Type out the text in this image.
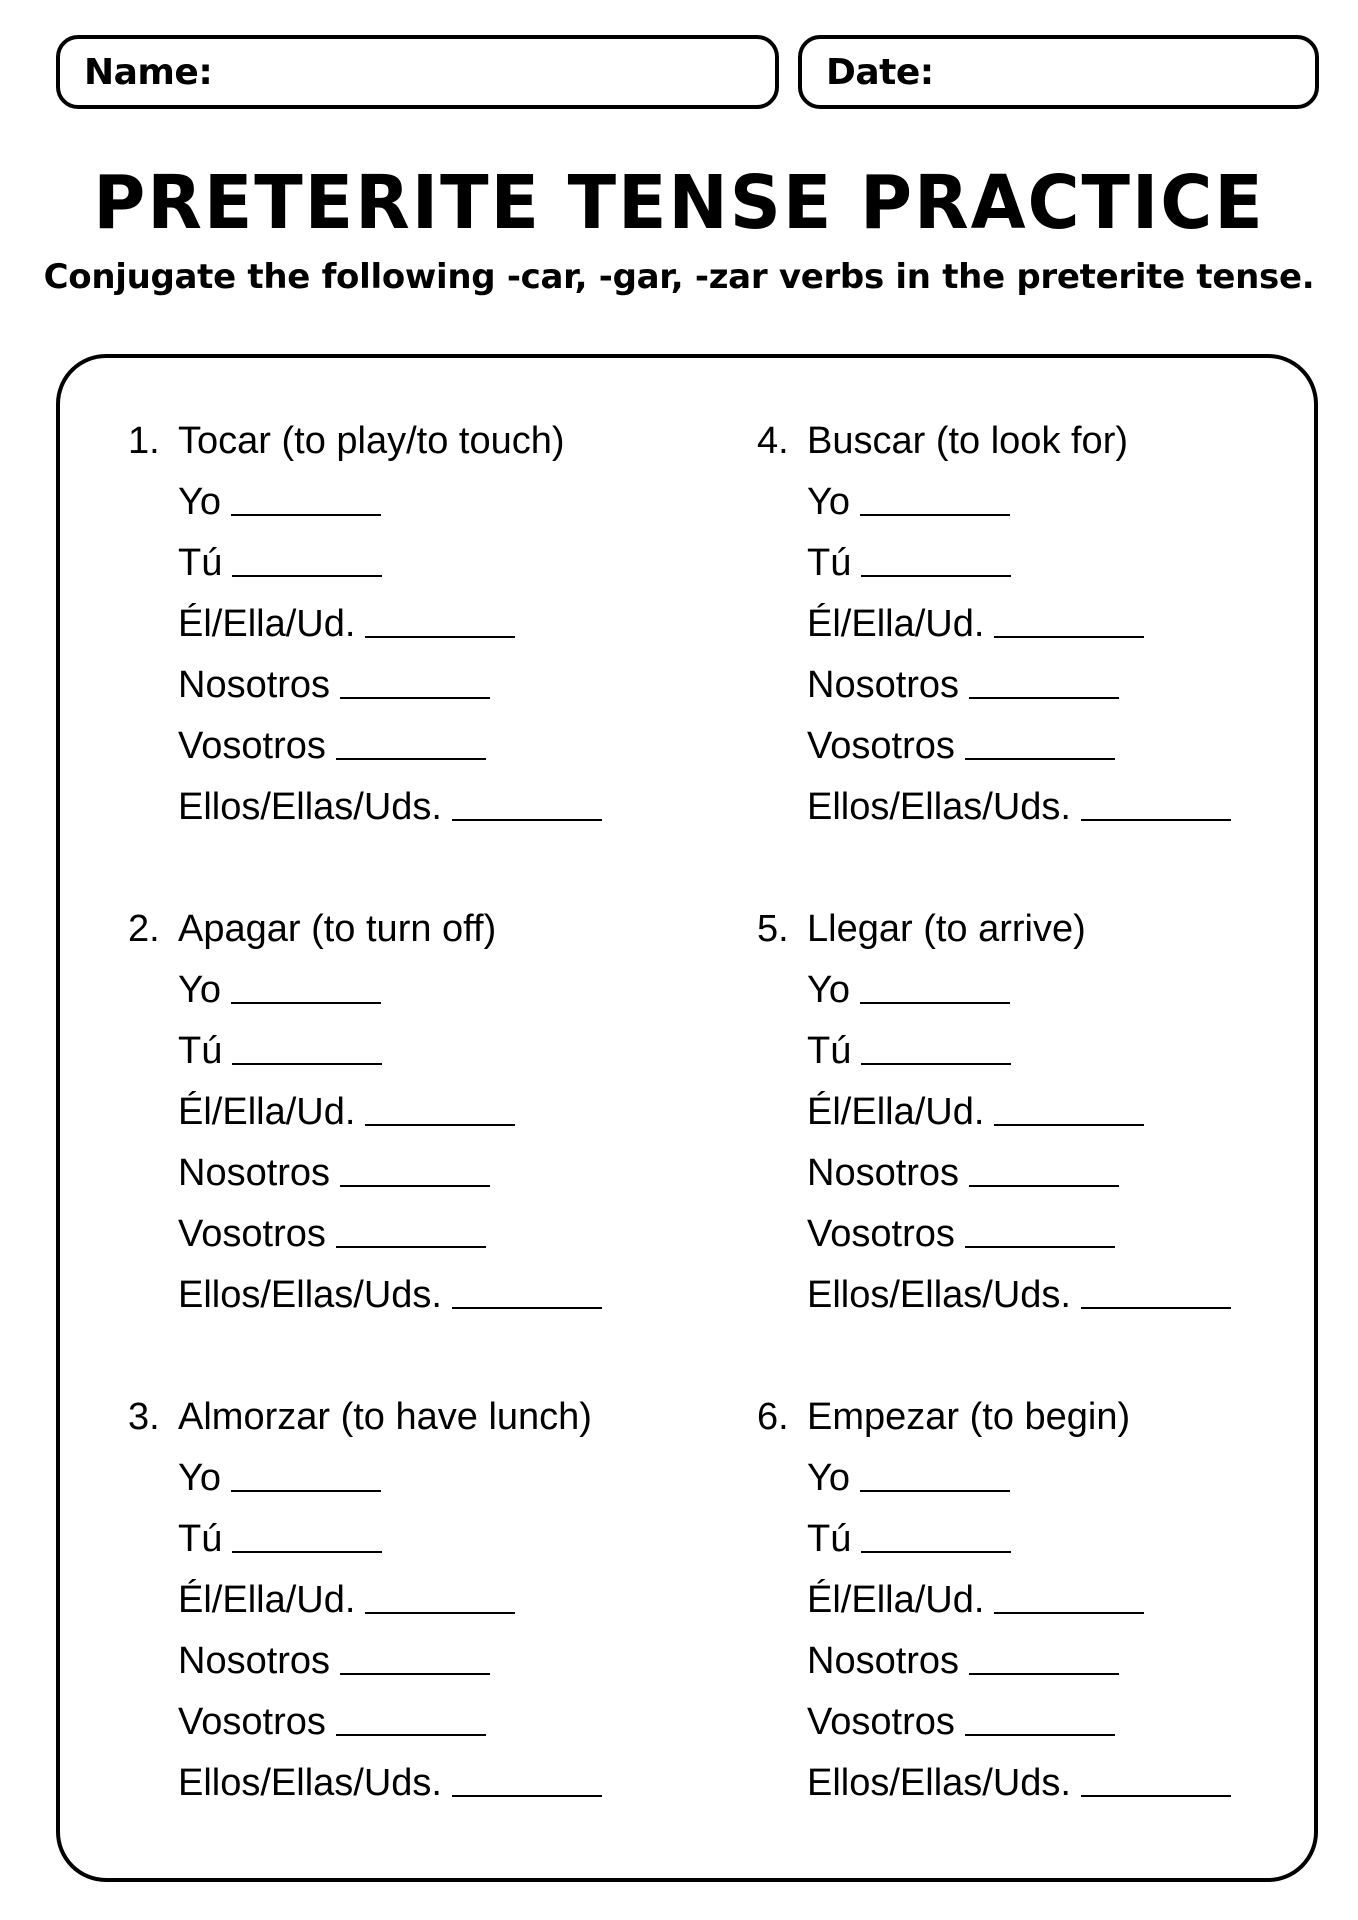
Name:	Date:
PRETERITE TENSE PRACTICE
Conjugate the following -car, -gar, -zar verbs in the preterite tense.
1. Tocar (to play/to touch)
Yo
Tú
Él/Ella/Ud.
Nosotros
Vosotros
Ellos/Ellas/Uds.
2. Apagar (to turn off)
Yo
Tú
Él/Ella/Ud.
Nosotros
Vosotros
Ellos/Ellas/Uds.
3. Almorzar (to have lunch)
Yo
Tú
Él/Ella/Ud.
Nosotros
Vosotros
Ellos/Ellas/Uds.
4. Buscar (to look for)
Yo
Tú
Él/Ella/Ud.
Nosotros
Vosotros
Ellos/Ellas/Uds.
5. Llegar (to arrive)
Yo
Tú
Él/Ella/Ud.
Nosotros
Vosotros
Ellos/Ellas/Uds.
6. Empezar (to begin)
Yo
Tú
Él/Ella/Ud.
Nosotros
Vosotros
Ellos/Ellas/Uds.
